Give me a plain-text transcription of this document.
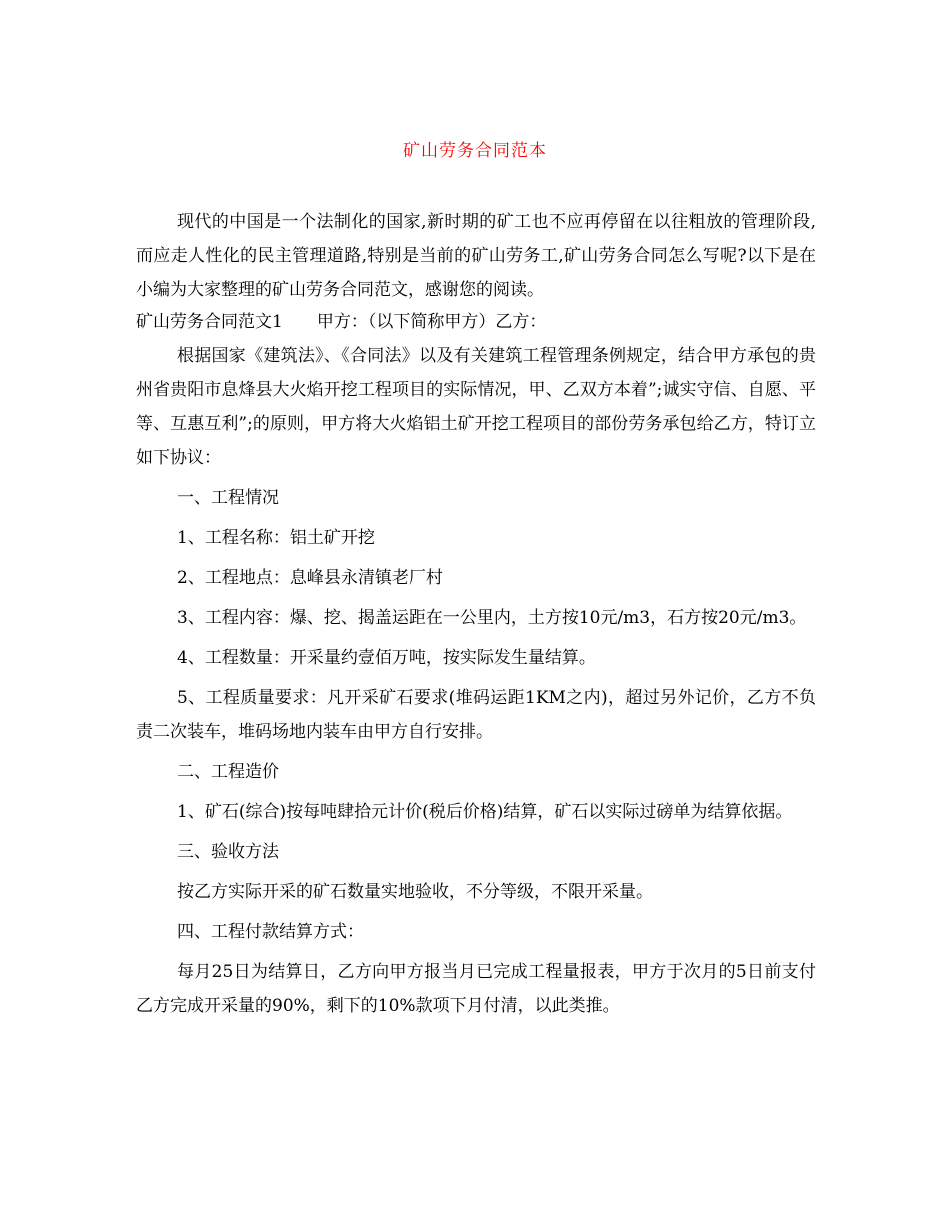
矿山劳务合同范本

现代的中国是一个法制化的国家,新时期的矿工也不应再停留在以往粗放的管理阶段,而应走人性化的民主管理道路,特别是当前的矿山劳务工,矿山劳务合同怎么写呢?以下是在小编为大家整理的矿山劳务合同范文，感谢您的阅读。

矿山劳务合同范文1　　甲方：（以下简称甲方）乙方：

根据国家《建筑法》、《合同法》以及有关建筑工程管理条例规定，结合甲方承包的贵州省贵阳市息烽县大火焰开挖工程项目的实际情况，甲、乙双方本着”;诚实守信、自愿、平等、互惠互利”;的原则，甲方将大火焰铝土矿开挖工程项目的部份劳务承包给乙方，特订立如下协议：

一、工程情况

1、工程名称：铝土矿开挖

2、工程地点：息峰县永清镇老厂村

3、工程内容：爆、挖、揭盖运距在一公里内，土方按10元/m3，石方按20元/m3。

4、工程数量：开采量约壹佰万吨，按实际发生量结算。

5、工程质量要求：凡开采矿石要求(堆码运距1KM之内)，超过另外记价，乙方不负责二次装车，堆码场地内装车由甲方自行安排。

二、工程造价

1、矿石(综合)按每吨肆拾元计价(税后价格)结算，矿石以实际过磅单为结算依据。

三、验收方法

按乙方实际开采的矿石数量实地验收，不分等级，不限开采量。

四、工程付款结算方式：

每月25日为结算日，乙方向甲方报当月已完成工程量报表，甲方于次月的5日前支付乙方完成开采量的90%，剩下的10%款项下月付清，以此类推。
